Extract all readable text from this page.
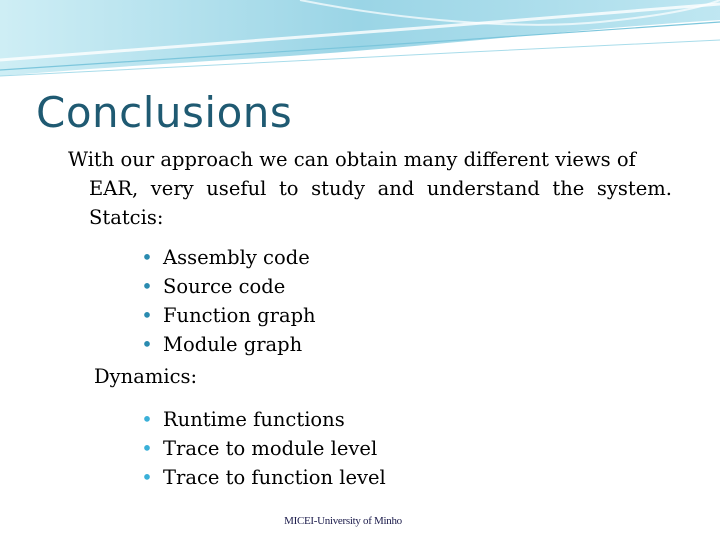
Conclusions
With our approach we can obtain many different views of
EAR, very useful to study and understand the system. Statcis:
• Assembly code
• Source code
• Function graph
• Module graph
Dynamics:
• Runtime functions
• Trace to module level
• Trace to function level
MICEI-University of Minho
